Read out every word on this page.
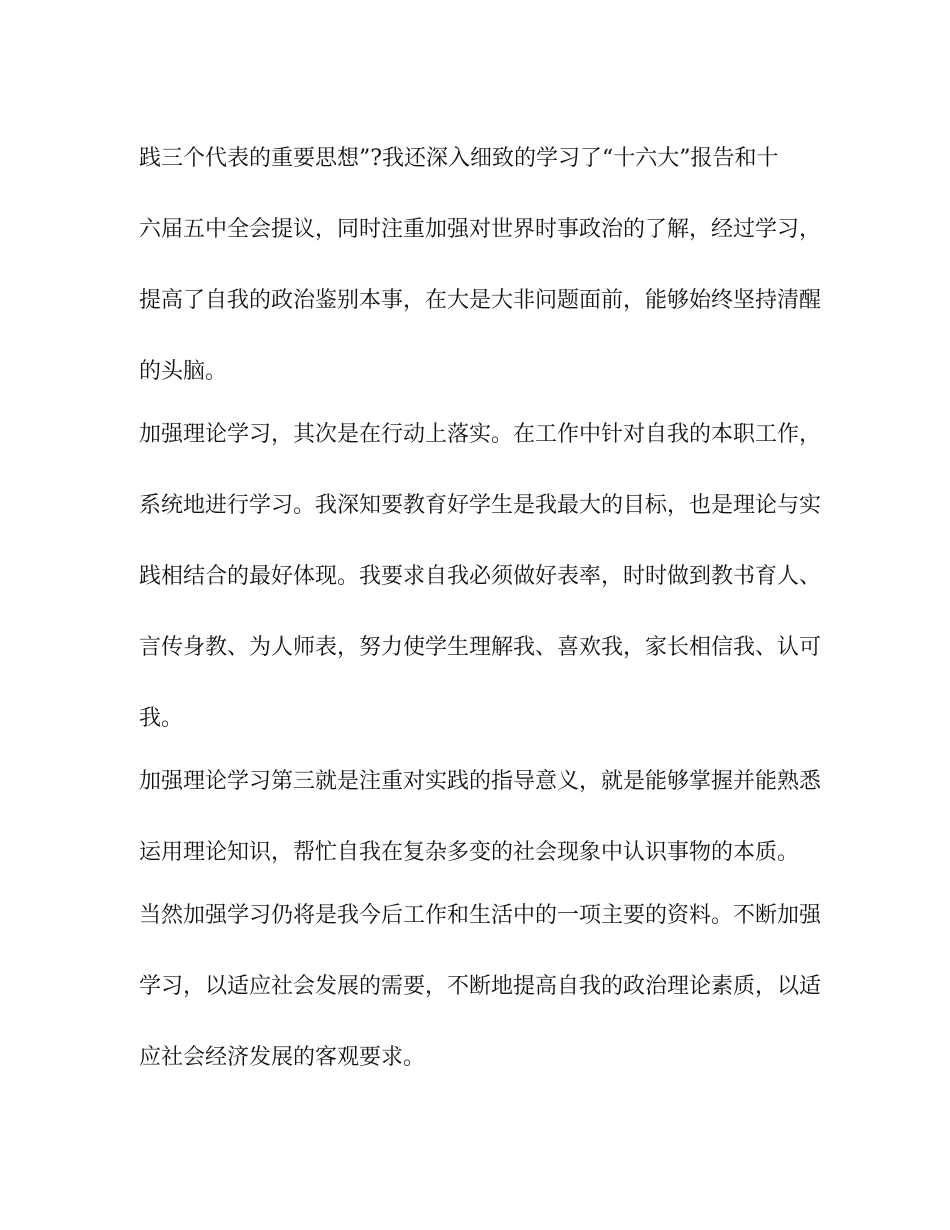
践三个代表的重要思想”?我还深入细致的学习了“十六大”报告和十
六届五中全会提议，同时注重加强对世界时事政治的了解，经过学习，
提高了自我的政治鉴别本事，在大是大非问题面前，能够始终坚持清醒
的头脑。
加强理论学习，其次是在行动上落实。在工作中针对自我的本职工作，
系统地进行学习。我深知要教育好学生是我最大的目标，也是理论与实
践相结合的最好体现。我要求自我必须做好表率，时时做到教书育人、
言传身教、为人师表，努力使学生理解我、喜欢我，家长相信我、认可
我。
加强理论学习第三就是注重对实践的指导意义，就是能够掌握并能熟悉
运用理论知识，帮忙自我在复杂多变的社会现象中认识事物的本质。
当然加强学习仍将是我今后工作和生活中的一项主要的资料。不断加强
学习，以适应社会发展的需要，不断地提高自我的政治理论素质，以适
应社会经济发展的客观要求。
